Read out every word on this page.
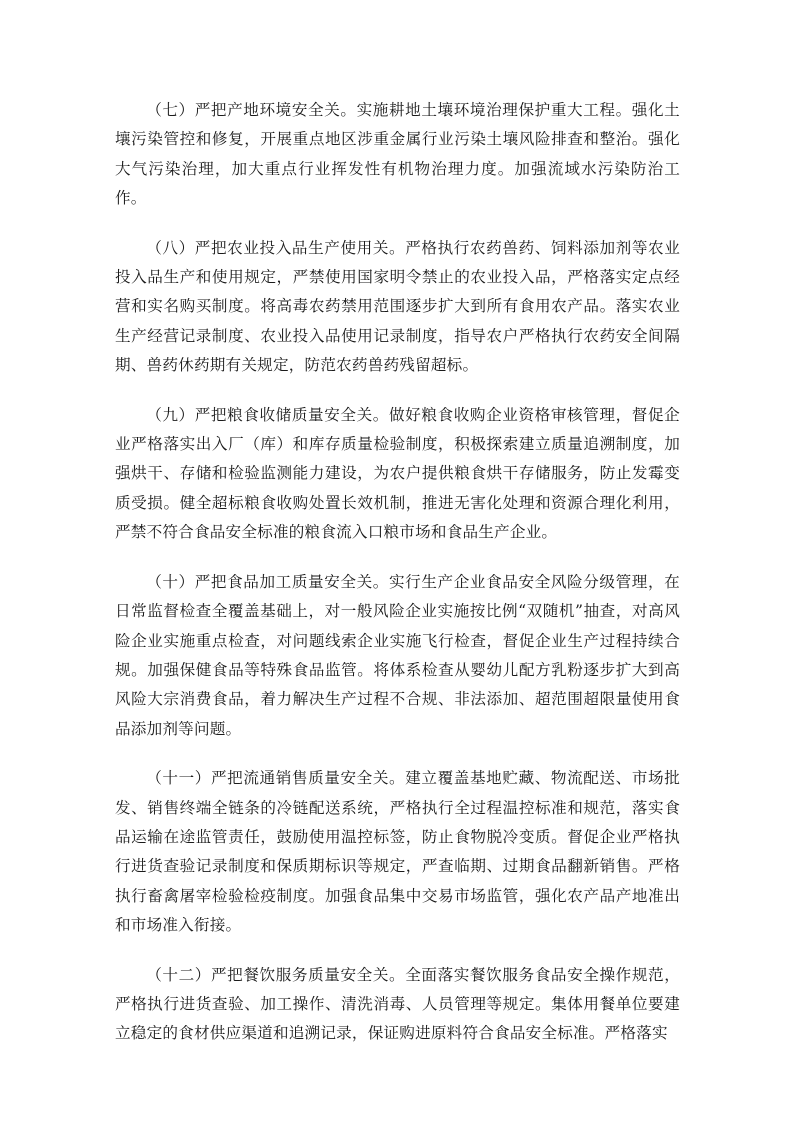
（七）严把产地环境安全关。实施耕地土壤环境治理保护重大工程。强化土壤污染管控和修复，开展重点地区涉重金属行业污染土壤风险排查和整治。强化大气污染治理，加大重点行业挥发性有机物治理力度。加强流域水污染防治工作。

（八）严把农业投入品生产使用关。严格执行农药兽药、饲料添加剂等农业投入品生产和使用规定，严禁使用国家明令禁止的农业投入品，严格落实定点经营和实名购买制度。将高毒农药禁用范围逐步扩大到所有食用农产品。落实农业生产经营记录制度、农业投入品使用记录制度，指导农户严格执行农药安全间隔期、兽药休药期有关规定，防范农药兽药残留超标。

（九）严把粮食收储质量安全关。做好粮食收购企业资格审核管理，督促企业严格落实出入厂（库）和库存质量检验制度，积极探索建立质量追溯制度，加强烘干、存储和检验监测能力建设，为农户提供粮食烘干存储服务，防止发霉变质受损。健全超标粮食收购处置长效机制，推进无害化处理和资源合理化利用，严禁不符合食品安全标准的粮食流入口粮市场和食品生产企业。

（十）严把食品加工质量安全关。实行生产企业食品安全风险分级管理，在日常监督检查全覆盖基础上，对一般风险企业实施按比例“双随机”抽查，对高风险企业实施重点检查，对问题线索企业实施飞行检查，督促企业生产过程持续合规。加强保健食品等特殊食品监管。将体系检查从婴幼儿配方乳粉逐步扩大到高风险大宗消费食品，着力解决生产过程不合规、非法添加、超范围超限量使用食品添加剂等问题。

（十一）严把流通销售质量安全关。建立覆盖基地贮藏、物流配送、市场批发、销售终端全链条的冷链配送系统，严格执行全过程温控标准和规范，落实食品运输在途监管责任，鼓励使用温控标签，防止食物脱冷变质。督促企业严格执行进货查验记录制度和保质期标识等规定，严查临期、过期食品翻新销售。严格执行畜禽屠宰检验检疫制度。加强食品集中交易市场监管，强化农产品产地准出和市场准入衔接。

（十二）严把餐饮服务质量安全关。全面落实餐饮服务食品安全操作规范，严格执行进货查验、加工操作、清洗消毒、人员管理等规定。集体用餐单位要建立稳定的食材供应渠道和追溯记录，保证购进原料符合食品安全标准。严格落实
